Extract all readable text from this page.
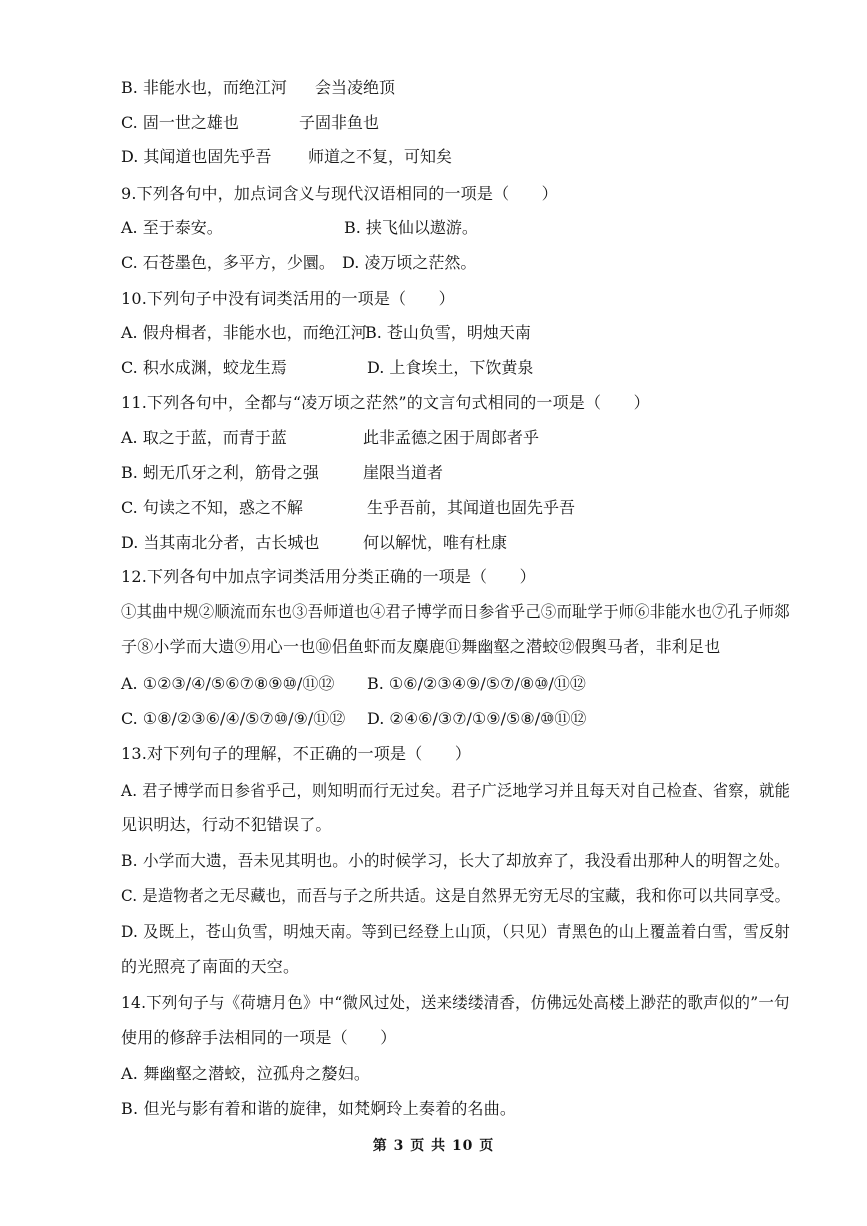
B. 非能水也，而绝江河 会当凌绝顶
C. 固一世之雄也	子固非鱼也
D. 其闻道也固先乎吾 师道之不复，可知矣
9.下列各句中，加点词含义与现代汉语相同的一项是（　　）
A. 至于泰安。	B. 挟飞仙以遨游。
C. 石苍墨色，多平方，少圜。 D. 凌万顷之茫然。
10.下列句子中没有词类活用的一项是（　　）
A. 假舟楫者，非能水也，而绝江河
B. 苍山负雪，明烛天南
C. 积水成渊，蛟龙生焉	D. 上食埃土，下饮黄泉
11.下列各句中，全都与“凌万顷之茫然”的文言句式相同的一项是（　　）
A. 取之于蓝，而青于蓝	此非孟德之困于周郎者乎
B. 蚓无爪牙之利，筋骨之强	崖限当道者
C. 句读之不知，惑之不解	生乎吾前，其闻道也固先乎吾
D. 当其南北分者，古长城也	何以解忧，唯有杜康
12.下列各句中加点字词类活用分类正确的一项是（　　）
①其曲中规②顺流而东也③吾师道也④君子博学而日参省乎己⑤而耻学于师⑥非能水也⑦孔子师郯
子⑧小学而大遗⑨用心一也⑩侣鱼虾而友麋鹿⑪舞幽壑之潜蛟⑫假舆马者，非利足也
A. ①②③/④/⑤⑥⑦⑧⑨⑩/⑪⑫ B. ①⑥/②③④⑨/⑤⑦/⑧⑩/⑪⑫
C. ①⑧/②③⑥/④/⑤⑦⑩/⑨/⑪⑫ D. ②④⑥/③⑦/①⑨/⑤⑧/⑩⑪⑫
13.对下列句子的理解，不正确的一项是（　　）
A. 君子博学而日参省乎己，则知明而行无过矣。君子广泛地学习并且每天对自己检查、省察，就能
见识明达，行动不犯错误了。
B. 小学而大遗，吾未见其明也。小的时候学习，长大了却放弃了，我没看出那种人的明智之处。
C. 是造物者之无尽藏也，而吾与子之所共适。这是自然界无穷无尽的宝藏，我和你可以共同享受。
D. 及既上，苍山负雪，明烛天南。等到已经登上山顶，（只见）青黑色的山上覆盖着白雪，雪反射
的光照亮了南面的天空。
14.下列句子与《荷塘月色》中“微风过处，送来缕缕清香，仿佛远处高楼上渺茫的歌声似的”一句
使用的修辞手法相同的一项是（　　）
A. 舞幽壑之潜蛟，泣孤舟之嫠妇。
B. 但光与影有着和谐的旋律，如梵婀玲上奏着的名曲。
第 3 页 共 10 页
